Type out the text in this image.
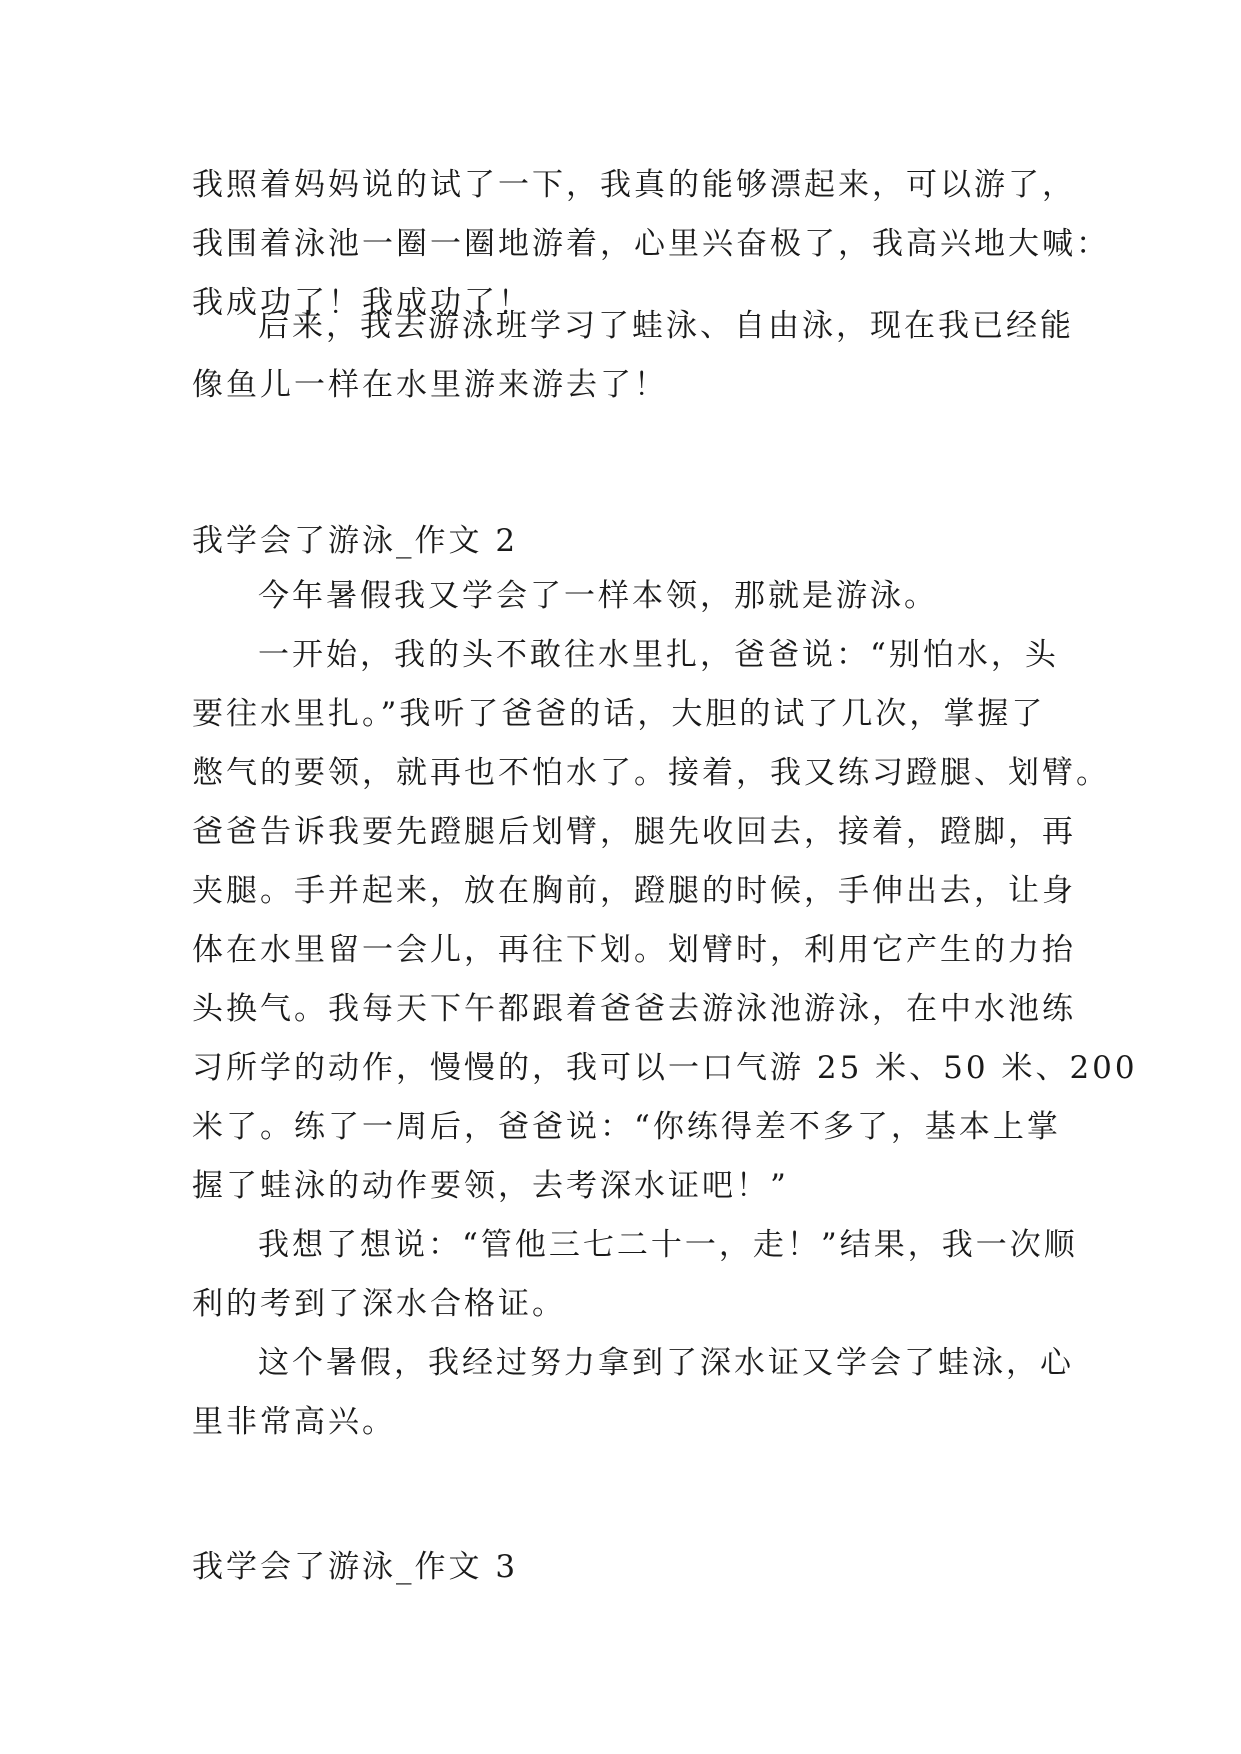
我照着妈妈说的试了一下，我真的能够漂起来，可以游了，
我围着泳池一圈一圈地游着，心里兴奋极了，我高兴地大喊：
我成功了！我成功了！
后来，我去游泳班学习了蛙泳、自由泳，现在我已经能
像鱼儿一样在水里游来游去了！
我学会了游泳_作文 2
今年暑假我又学会了一样本领，那就是游泳。
一开始，我的头不敢往水里扎，爸爸说：“别怕水，头
要往水里扎。”我听了爸爸的话，大胆的试了几次，掌握了
憋气的要领，就再也不怕水了。接着，我又练习蹬腿、划臂。
爸爸告诉我要先蹬腿后划臂，腿先收回去，接着，蹬脚，再
夹腿。手并起来，放在胸前，蹬腿的时候，手伸出去，让身
体在水里留一会儿，再往下划。划臂时，利用它产生的力抬
头换气。我每天下午都跟着爸爸去游泳池游泳，在中水池练
习所学的动作，慢慢的，我可以一口气游 25 米、50 米、200
米了。练了一周后，爸爸说：“你练得差不多了，基本上掌
握了蛙泳的动作要领，去考深水证吧！”
我想了想说：“管他三七二十一，走！”结果，我一次顺
利的考到了深水合格证。
这个暑假，我经过努力拿到了深水证又学会了蛙泳，心
里非常高兴。
我学会了游泳_作文 3
